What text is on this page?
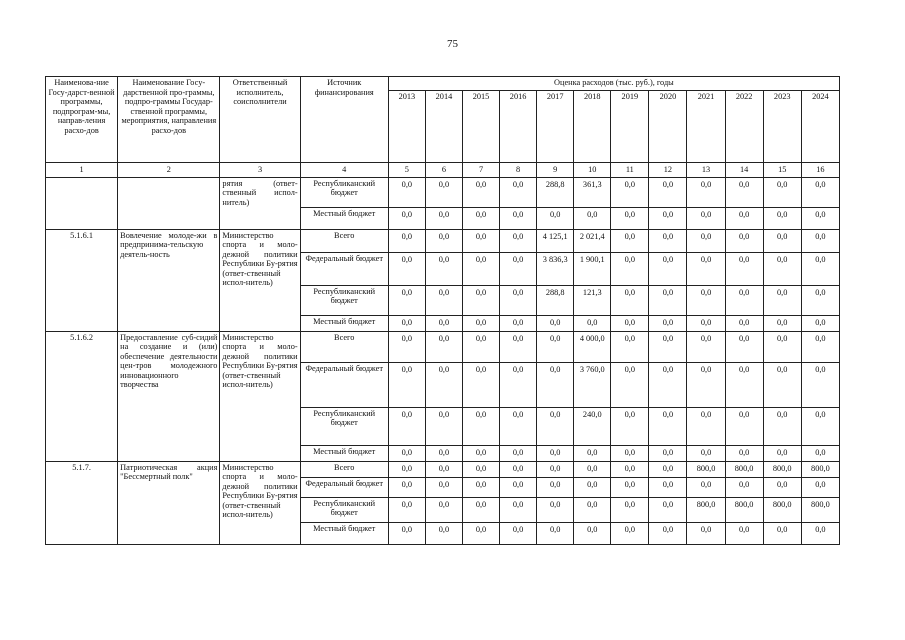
75
Наименова-ние Госу-дарст-венной программы, подпрограм-мы, направ-ления расхо-дов	Наименование Госу-дарственной про-граммы, подпро-граммы Государ-ственной программы, мероприятия, направления расхо-дов	Ответственный исполнитель, соисполнители	Источник финансирования	Оценка расходов (тыс. руб.), годы											
				2013	2014	2015	2016	2017	2018	2019	2020	2021	2022	2023	2024
1	2	3	4	5	6	7	8	9	10	11	12	13	14	15	16
		рятия (ответ-ственный испол-нитель)	Республиканский бюджет	0,0	0,0	0,0	0,0	288,8	361,3	0,0	0,0	0,0	0,0	0,0	0,0
			Местный бюджет	0,0	0,0	0,0	0,0	0,0	0,0	0,0	0,0	0,0	0,0	0,0	0,0
5.1.6.1	Вовлечение молоде-жи в предпринима-тельскую деятель-ность	Министерство спорта и моло-дежной политики Республики Бу-рятия (ответ-ственный испол-нитель)	Всего	0,0	0,0	0,0	0,0	4 125,1	2 021,4	0,0	0,0	0,0	0,0	0,0	0,0
			Федеральный бюджет	0,0	0,0	0,0	0,0	3 836,3	1 900,1	0,0	0,0	0,0	0,0	0,0	0,0
			Республиканский бюджет	0,0	0,0	0,0	0,0	288,8	121,3	0,0	0,0	0,0	0,0	0,0	0,0
			Местный бюджет	0,0	0,0	0,0	0,0	0,0	0,0	0,0	0,0	0,0	0,0	0,0	0,0
5.1.6.2	Предоставление суб-сидий на создание и (или) обеспечение деятельности цен-тров молодежного инновационного творчества	Министерство спорта и моло-дежной политики Республики Бу-рятия (ответ-ственный испол-нитель)	Всего	0,0	0,0	0,0	0,0	0,0	4 000,0	0,0	0,0	0,0	0,0	0,0	0,0
			Федеральный бюджет	0,0	0,0	0,0	0,0	0,0	3 760,0	0,0	0,0	0,0	0,0	0,0	0,0
			Республиканский бюджет	0,0	0,0	0,0	0,0	0,0	240,0	0,0	0,0	0,0	0,0	0,0	0,0
			Местный бюджет	0,0	0,0	0,0	0,0	0,0	0,0	0,0	0,0	0,0	0,0	0,0	0,0
5.1.7.	Патриотическая акция "Бессмертный полк"	Министерство спорта и моло-дежной политики Республики Бу-рятия (ответ-ственный испол-нитель)	Всего	0,0	0,0	0,0	0,0	0,0	0,0	0,0	0,0	800,0	800,0	800,0	800,0
			Федеральный бюджет	0,0	0,0	0,0	0,0	0,0	0,0	0,0	0,0	0,0	0,0	0,0	0,0
			Республиканский бюджет	0,0	0,0	0,0	0,0	0,0	0,0	0,0	0,0	800,0	800,0	800,0	800,0
			Местный бюджет	0,0	0,0	0,0	0,0	0,0	0,0	0,0	0,0	0,0	0,0	0,0	0,0
